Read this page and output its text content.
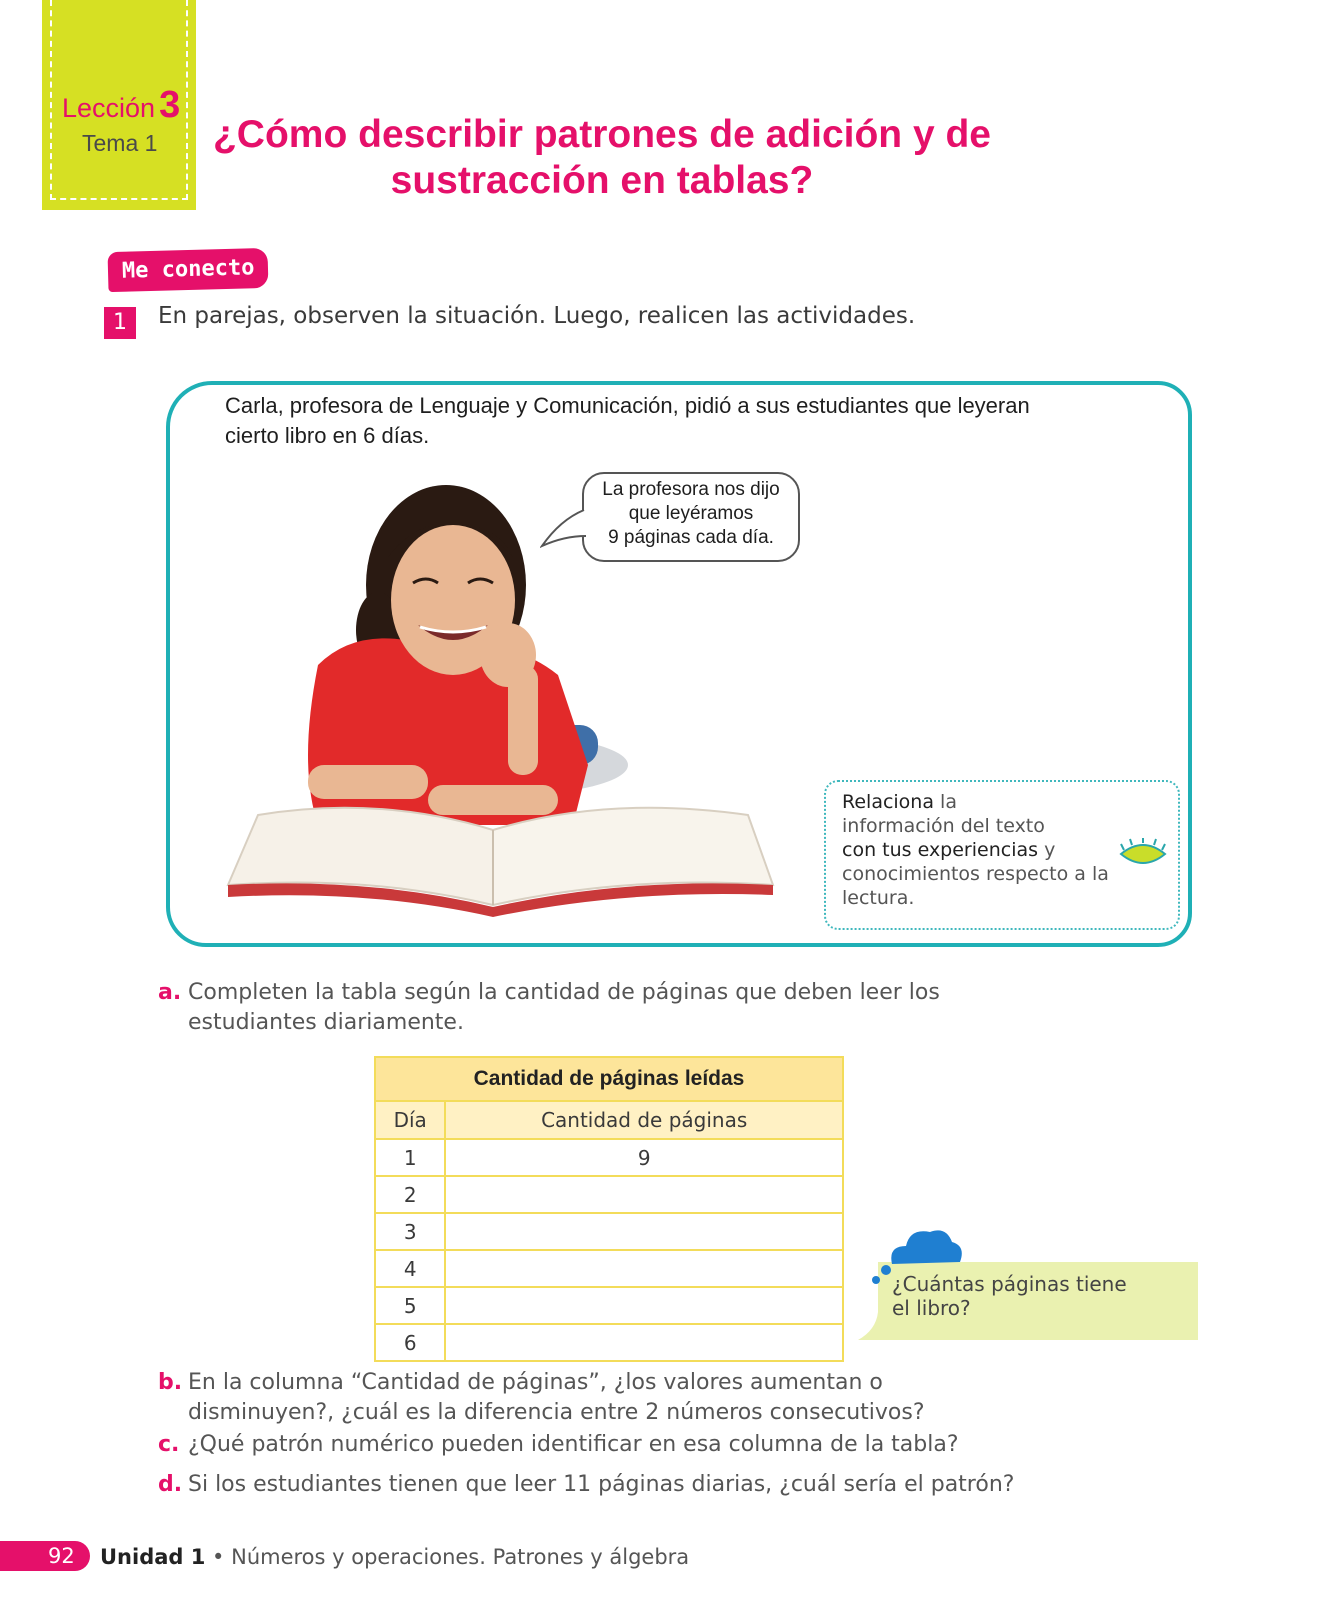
Lección 3
Tema 1 ¿Cómo describir patrones de adición y de
sustracción en tablas?
Me conecto
1	En parejas, observen la situación. Luego, realicen las actividades.
Carla, profesora de Lenguaje y Comunicación, pidió a sus estudiantes que leyeran
cierto libro en 6 días.
La profesora nos dijo
que leyéramos
9 páginas cada día.
Relaciona la
información del texto
con tus experiencias y
conocimientos respecto a la
lectura.
a. Completen la tabla según la cantidad de páginas que deben leer los
estudiantes diariamente.
Cantidad de páginas leídas	
Día	Cantidad de páginas
1	9
2	
3	
4	
5	
6	
¿Cuántas páginas tiene
el libro?
b. En la columna “Cantidad de páginas”, ¿los valores aumentan o
disminuyen?, ¿cuál es la diferencia entre 2 números consecutivos?
c. ¿Qué patrón numérico pueden identificar en esa columna de la tabla?
d. Si los estudiantes tienen que leer 11 páginas diarias, ¿cuál sería el patrón?
92	Unidad 1 • Números y operaciones. Patrones y álgebra
